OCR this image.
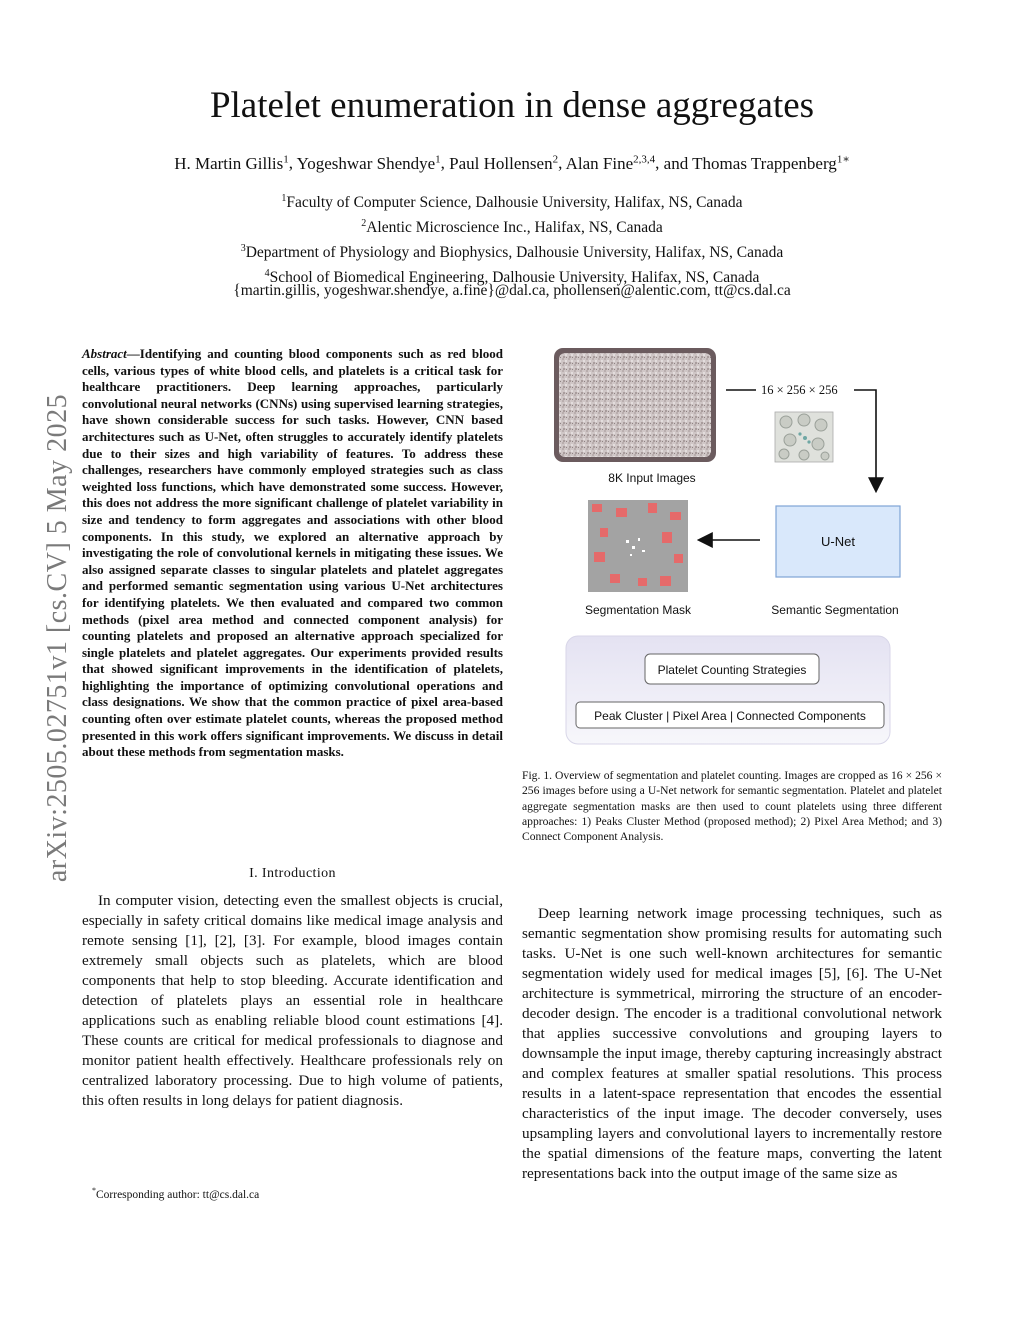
arXiv:2505.02751v1 [cs.CV] 5 May 2025
Platelet enumeration in dense aggregates
H. Martin Gillis$^1$, Yogeshwar Shendye$^1$, Paul Hollensen$^2$, Alan Fine$^{2,3,4}$, and Thomas Trappenberg$^{1∗}$
$^1$Faculty of Computer Science, Dalhousie University, Halifax, NS, Canada
$^2$Alentic Microscience Inc., Halifax, NS, Canada
$^3$Department of Physiology and Biophysics, Dalhousie University, Halifax, NS, Canada
$^4$School of Biomedical Engineering, Dalhousie University, Halifax, NS, Canada
{martin.gillis, yogeshwar.shendye, a.fine}@dal.ca, phollensen@alentic.com, tt@cs.dal.ca
Abstract—Identifying and counting blood components such as red blood cells, various types of white blood cells, and platelets is a critical task for healthcare practitioners. Deep learning approaches, particularly convolutional neural networks (CNNs) using supervised learning strategies, have shown considerable success for such tasks. However, CNN based architectures such as U-Net, often struggles to accurately identify platelets due to their sizes and high variability of features. To address these challenges, researchers have commonly employed strategies such as class weighted loss functions, which have demonstrated some success. However, this does not address the more significant challenge of platelet variability in size and tendency to form aggregates and associations with other blood components. In this study, we explored an alternative approach by investigating the role of convolutional kernels in mitigating these issues. We also assigned separate classes to singular platelets and platelet aggregates and performed semantic segmentation using various U-Net architectures for identifying platelets. We then evaluated and compared two common methods (pixel area method and connected component analysis) for counting platelets and proposed an alternative approach specialized for single platelets and platelet aggregates. Our experiments provided results that showed significant improvements in the identification of platelets, highlighting the importance of optimizing convolutional operations and class designations. We show that the common practice of pixel area-based counting often over estimate platelet counts, whereas the proposed method presented in this work offers significant improvements. We discuss in detail about these methods from segmentation masks.
I. Introduction

In computer vision, detecting even the smallest objects is crucial, especially in safety critical domains like medical image analysis and remote sensing [1], [2], [3]. For example, blood images contain extremely small objects such as platelets, which are blood components that help to stop bleeding. Accurate identification and detection of platelets plays an essential role in healthcare applications such as enabling reliable blood count estimations [4]. These counts are critical for medical professionals to diagnose and monitor patient health effectively. Healthcare professionals rely on centralized laboratory processing. Due to high volume of patients, this often results in long delays for patient diagnosis.

*Corresponding author: tt@cs.dal.ca
8K Input Images
16 × 256 × 256
Segmentation Mask
U-Net
Semantic Segmentation
Platelet Counting Strategies
Peak Cluster | Pixel Area | Connected Components
Fig. 1. Overview of segmentation and platelet counting. Images are cropped as 16 × 256 × 256 images before using a U-Net network for semantic segmentation. Platelet and platelet aggregate segmentation masks are then used to count platelets using three different approaches: 1) Peaks Cluster Method (proposed method); 2) Pixel Area Method; and 3) Connect Component Analysis.

Deep learning network image processing techniques, such as semantic segmentation show promising results for automating such tasks. U-Net is one such well-known architectures for semantic segmentation widely used for medical images [5], [6]. The U-Net architecture is symmetrical, mirroring the structure of an encoder-decoder design. The encoder is a traditional convolutional network that applies successive convolutions and grouping layers to downsample the input image, thereby capturing increasingly abstract and complex features at smaller spatial resolutions. This process results in a latent-space representation that encodes the essential characteristics of the input image. The decoder conversely, uses upsampling layers and convolutional layers to incrementally restore the spatial dimensions of the feature maps, converting the latent representations back into the output image of the same size as
